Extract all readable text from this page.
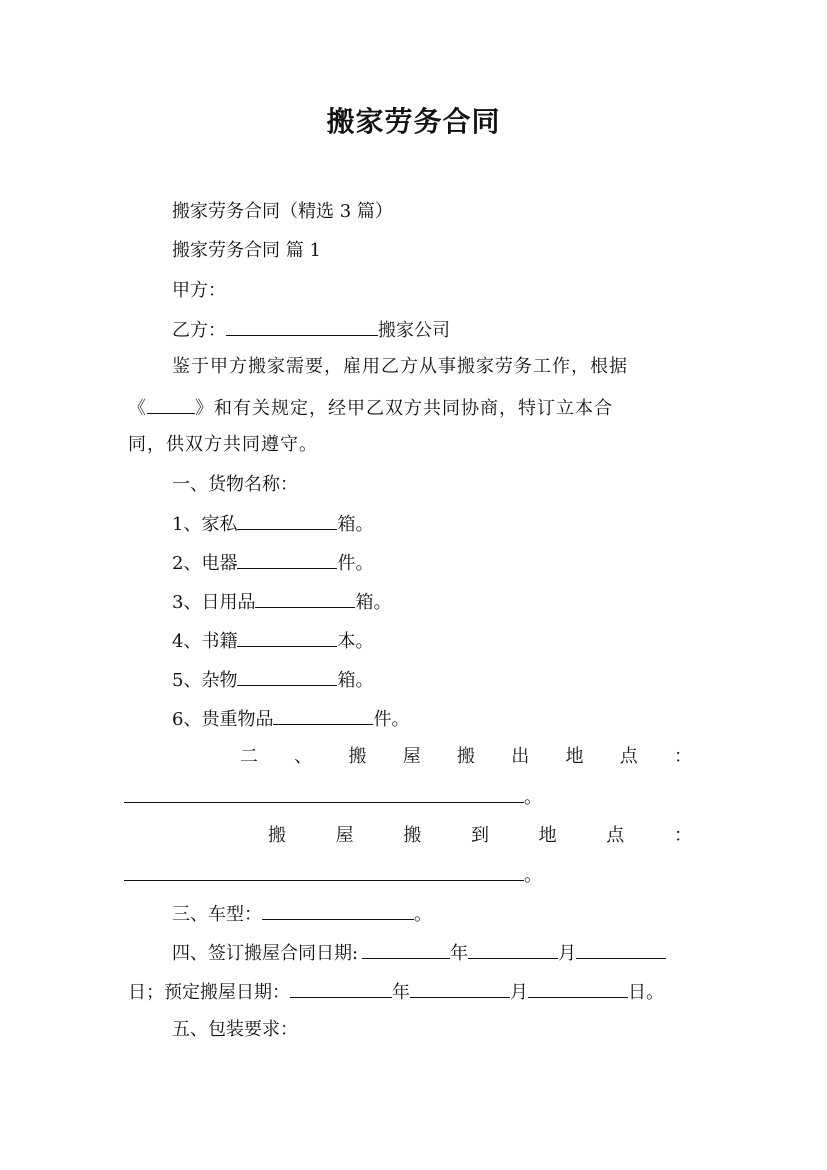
搬家劳务合同
搬家劳务合同（精选 3 篇）
搬家劳务合同 篇 1
甲方：
乙方：	搬家公司
鉴于甲方搬家需要，雇用乙方从事搬家劳务工作，根据
《	》和有关规定，经甲乙双方共同协商，特订立本合
同，供双方共同遵守。
一、货物名称：
1、家私	箱。
2、电器	件。
3、日用品	箱。
4、书籍	本。
5、杂物	箱。
6、贵重物品	件。
二 、 搬 屋 搬 出 地 点 ：
。
搬	屋	搬	到	地	点	：
。
三、车型：	。
四、签订搬屋合同日期:	年	月
日；预定搬屋日期：	年	月	日。
五、包装要求：
